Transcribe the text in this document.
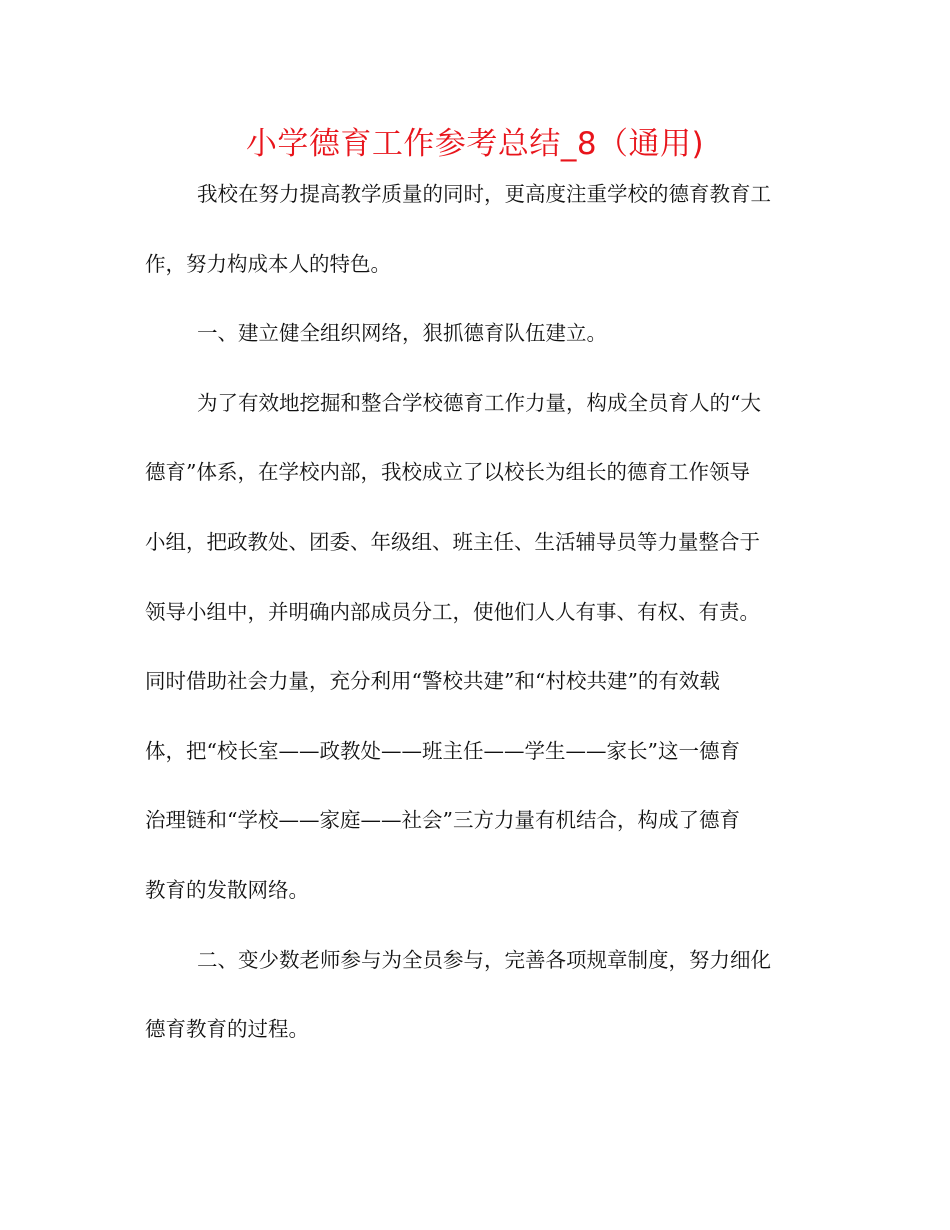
小学德育工作参考总结_8（通用)
我校在努力提高教学质量的同时，更高度注重学校的德育教育工
作，努力构成本人的特色。
一、建立健全组织网络，狠抓德育队伍建立。
为了有效地挖掘和整合学校德育工作力量，构成全员育人的“大
德育”体系，在学校内部，我校成立了以校长为组长的德育工作领导
小组，把政教处、团委、年级组、班主任、生活辅导员等力量整合于
领导小组中，并明确内部成员分工，使他们人人有事、有权、有责。
同时借助社会力量，充分利用“警校共建”和“村校共建”的有效载
体，把“校长室——政教处——班主任——学生——家长”这一德育
治理链和“学校——家庭——社会”三方力量有机结合，构成了德育
教育的发散网络。
二、变少数老师参与为全员参与，完善各项规章制度，努力细化
德育教育的过程。
